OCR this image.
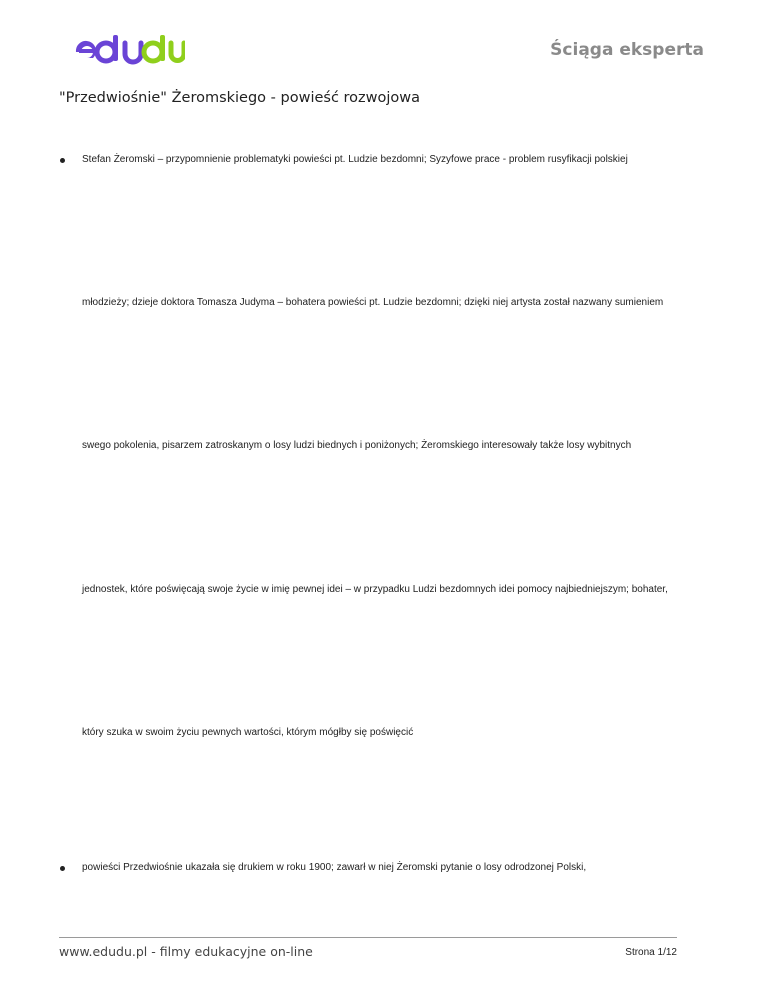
Ściąga eksperta
"Przedwiośnie" Żeromskiego - powieść rozwojowa
Stefan Żeromski – przypomnienie problematyki powieści pt. Ludzie bezdomni; Syzyfowe prace - problem rusyfikacji polskiej
młodzieży; dzieje doktora Tomasza Judyma – bohatera powieści pt. Ludzie bezdomni; dzięki niej artysta został nazwany sumieniem
swego pokolenia, pisarzem zatroskanym o losy ludzi biednych i poniżonych; Żeromskiego interesowały także losy wybitnych
jednostek, które poświęcają swoje życie w imię pewnej idei – w przypadku Ludzi bezdomnych idei pomocy najbiedniejszym; bohater,
który szuka w swoim życiu pewnych wartości, którym mógłby się poświęcić
powieści Przedwiośnie ukazała się drukiem w roku 1900; zawarł w niej Żeromski pytanie o losy odrodzonej Polski,
www.edudu.pl - filmy edukacyjne on-line	Strona 1/12
